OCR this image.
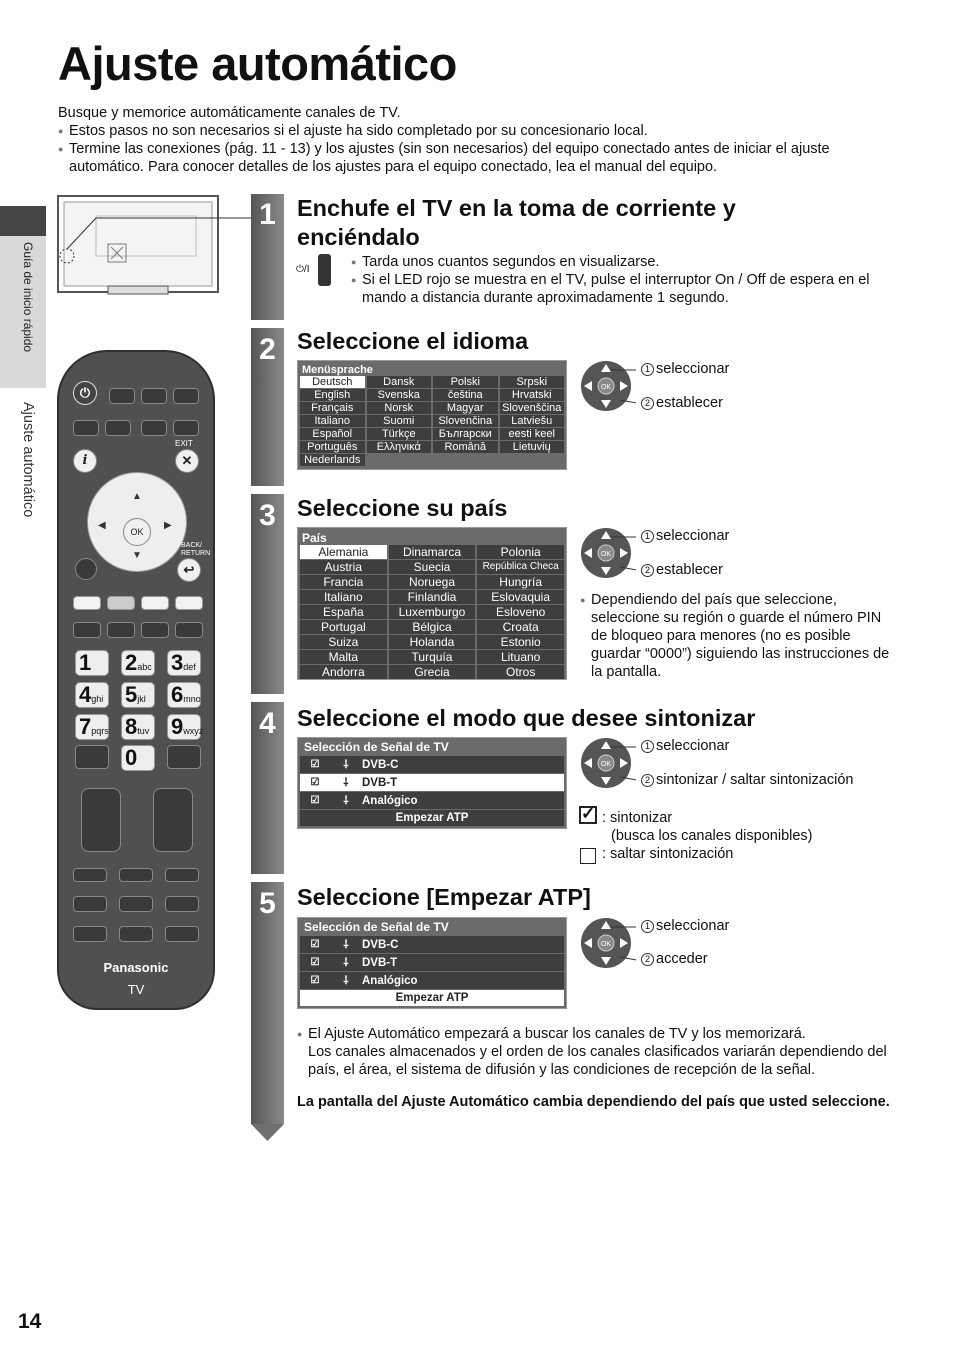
Ajuste automático
Busque y memorice automáticamente canales de TV.
● Estos pasos no son necesarios si el ajuste ha sido completado por su concesionario local.
● Termine las conexiones (pág. 11 - 13) y los ajustes (sin son necesarios) del equipo conectado antes de iniciar el ajuste automático. Para conocer detalles de los ajustes para el equipo conectado, lea el manual del equipo.
Guía de inicio rápido
Ajuste automático
⏻
EXIT
i	✕
▲
▼
◀	▶
OK
BACK/ RETURN
↩
1	2abc 3def
4ghi 5jkl	6mno
7pqrs 8tuv 9wxyz
0
Panasonic
TV
1
2
3
4
5
Enchufe el TV en la toma de corriente y enciéndalo
⏻/I
●	Tarda unos cuantos segundos en visualizarse.
● Si el LED rojo se muestra en el TV, pulse el interruptor On / Off de espera en el mando a distancia durante aproximadamente 1 segundo.
Seleccione el idioma
Menüsprache
Deutsch	Dansk	Polski	Srpski
English	Svenska	čeština	Hrvatski
Français	Norsk	Magyar	Slovenščina
Italiano	Suomi	Slovenčina	Latviešu
Español	Türkçe	Български	eesti keel
Português	Ελληνικά	Română	Lietuvių
Nederlands
Seleccione su país
País
Alemania	Dinamarca	Polonia
Austria	Suecia	República Checa
Francia	Noruega	Hungría
Italiano	Finlandia	Eslovaquia
España	Luxemburgo	Esloveno
Portugal	Bélgica	Croata
Suiza	Holanda	Estonio
Malta	Turquía	Lituano
Andorra	Grecia	Otros
● Dependiendo del país que seleccione, seleccione su región o guarde el número PIN de bloqueo para menores (no es posible guardar “0000”) siguiendo las instrucciones de la pantalla.
Seleccione el modo que desee sintonizar
Selección de Señal de TV
☑	⸸	DVB-C
☑	⸸	DVB-T
☑	⸸	Analógico
Empezar ATP	✓ : sintonizar
(busca los canales disponibles)
: saltar sintonización
Seleccione [Empezar ATP]
Selección de Señal de TV
☑	⸸	DVB-C
☑	⸸	DVB-T
☑	⸸	Analógico
Empezar ATP
OK
1 seleccionar
2 establecer
OK
1 seleccionar
2 establecer
OK
1 seleccionar
2 sintonizar / saltar sintonización
OK
1 seleccionar
2 acceder
● El Ajuste Automático empezará a buscar los canales de TV y los memorizará.
Los canales almacenados y el orden de los canales clasificados variarán dependiendo del país, el área, el sistema de difusión y las condiciones de recepción de la señal.
La pantalla del Ajuste Automático cambia dependiendo del país que usted seleccione.
14
